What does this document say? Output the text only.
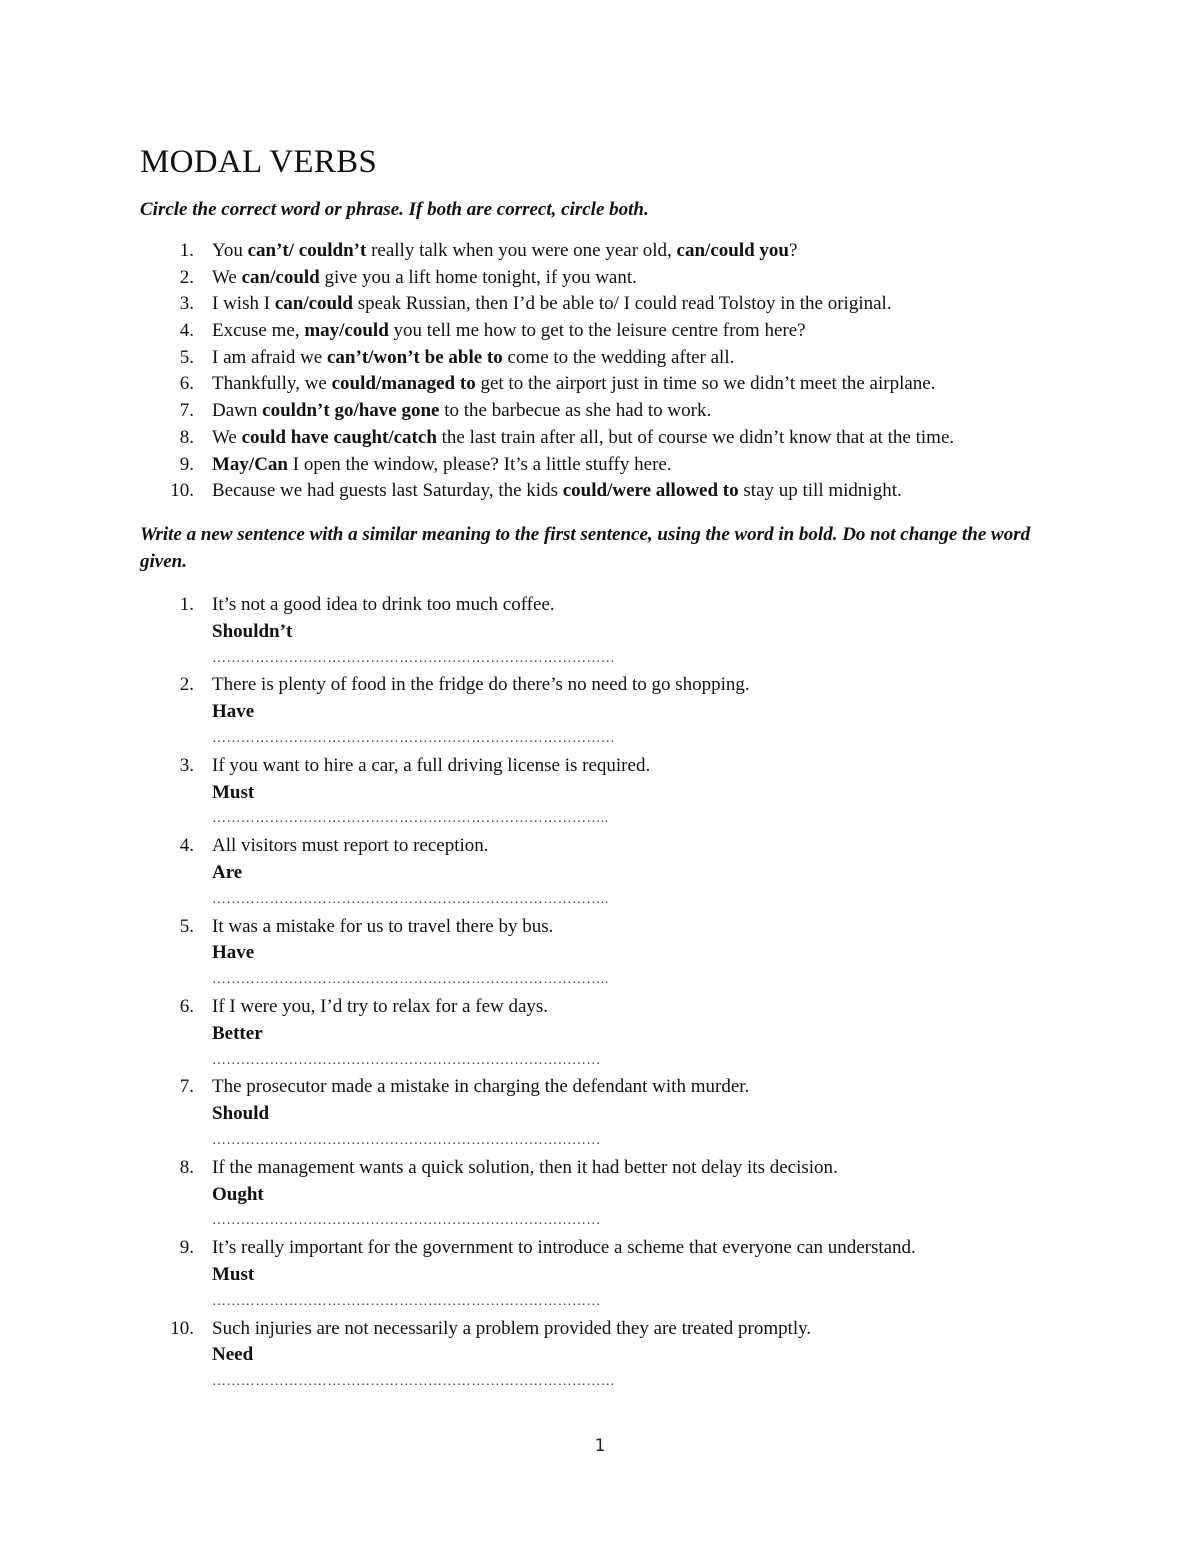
MODAL VERBS

Circle the correct word or phrase. If both are correct, circle both.

1. You can’t/ couldn’t really talk when you were one year old, can/could you?
2. We can/could give you a lift home tonight, if you want.
3. I wish I can/could speak Russian, then I’d be able to/ I could read Tolstoy in the original.
4. Excuse me, may/could you tell me how to get to the leisure centre from here?
5. I am afraid we can’t/won’t be able to come to the wedding after all.
6. Thankfully, we could/managed to get to the airport just in time so we didn’t meet the airplane.
7. Dawn couldn’t go/have gone to the barbecue as she had to work.
8. We could have caught/catch the last train after all, but of course we didn’t know that at the time.
9. May/Can I open the window, please? It’s a little stuffy here.
10. Because we had guests last Saturday, the kids could/were allowed to stay up till midnight.

Write a new sentence with a similar meaning to the first sentence, using the word in bold. Do not change the word given.

1. It’s not a good idea to drink too much coffee.
Shouldn’t
…………………………………………………………………………
2. There is plenty of food in the fridge do there’s no need to go shopping.
Have
…………………………………………………………………………
3. If you want to hire a car, a full driving license is required.
Must
………………………………………………………………………..
4. All visitors must report to reception.
Are
………………………………………………………………………..
5. It was a mistake for us to travel there by bus.
Have
………………………………………………………………………..
6. If I were you, I’d try to relax for a few days.
Better
………………………………………………………………………
7. The prosecutor made a mistake in charging the defendant with murder.
Should
………………………………………………………………………
8. If the management wants a quick solution, then it had better not delay its decision.
Ought
………………………………………………………………………
9. It’s really important for the government to introduce a scheme that everyone can understand.
Must
………………………………………………………………………
10. Such injuries are not necessarily a problem provided they are treated promptly.
Need
…………………………………………………………………………
1
